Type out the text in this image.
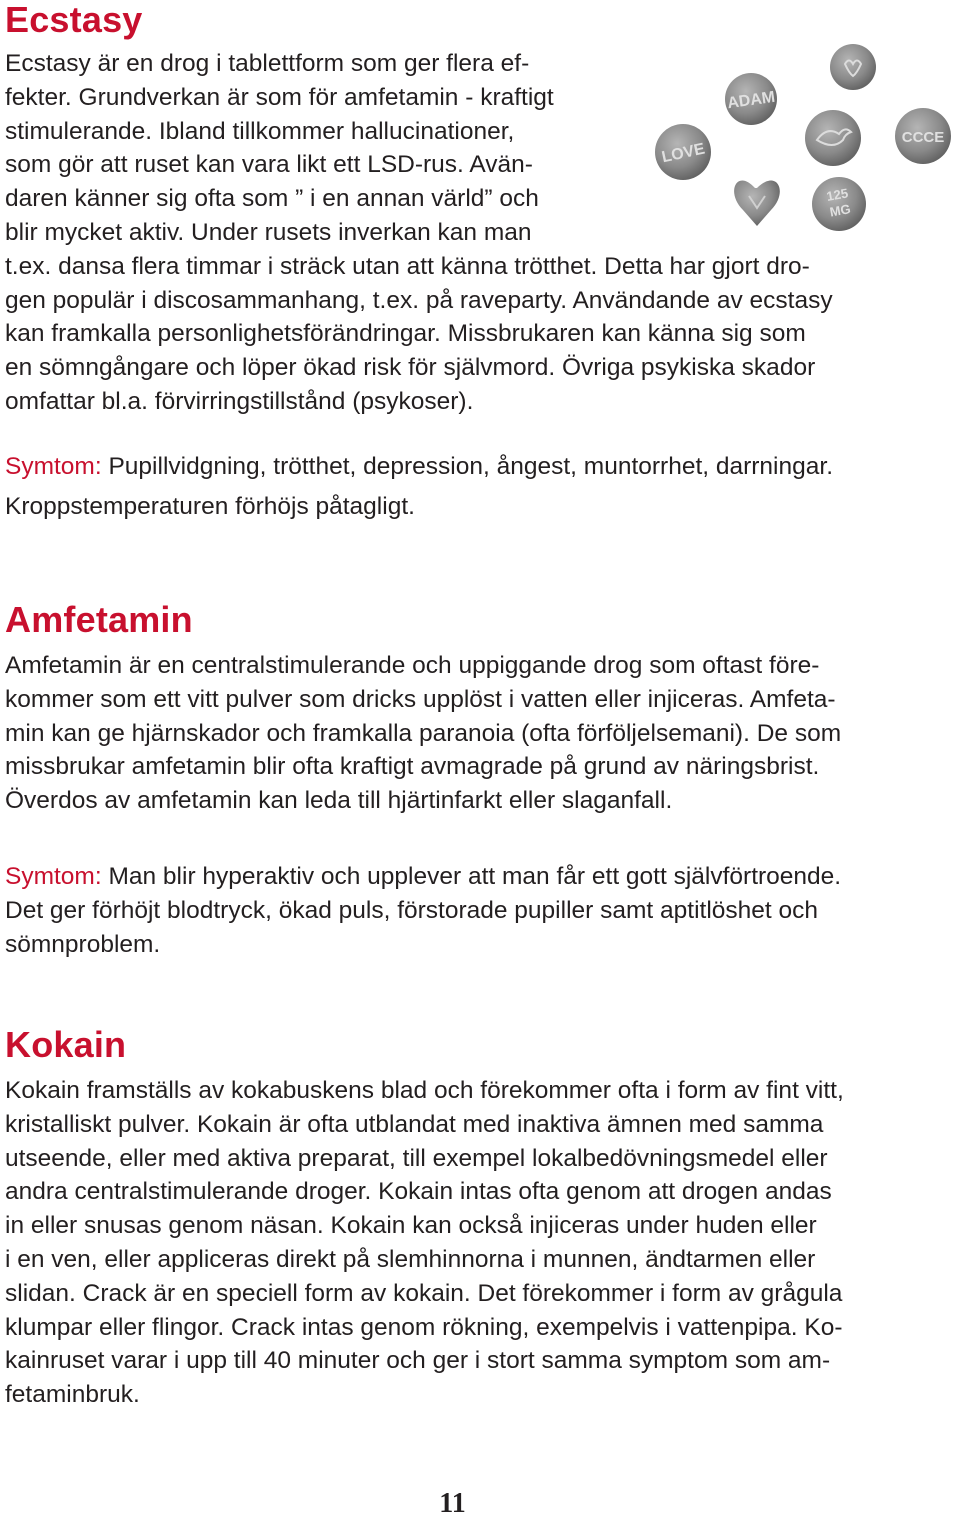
Ecstasy

Ecstasy är en drog i tablettform som ger flera ef-

fekter. Grundverkan är som för amfetamin - kraftigt

stimulerande. Ibland tillkommer hallucinationer,

som gör att ruset kan vara likt ett LSD-rus. Avän-

daren känner sig ofta som ” i en annan värld” och

blir mycket aktiv. Under rusets inverkan kan man

t.ex. dansa flera timmar i sträck utan att känna trötthet. Detta har gjort dro-

gen populär i discosammanhang, t.ex. på raveparty. Användande av ecstasy

kan framkalla personlighetsförändringar. Missbrukaren kan känna sig som

en sömngångare och löper ökad risk för självmord. Övriga psykiska skador

omfattar bl.a. förvirringstillstånd (psykoser).

Symtom: Pupillvidgning, trötthet, depression, ångest, muntorrhet, darrningar.

Kroppstemperaturen förhöjs påtagligt.

ADAM
LOVE
CCCE
125
MG
Amfetamin

Amfetamin är en centralstimulerande och uppiggande drog som oftast före-

kommer som ett vitt pulver som dricks upplöst i vatten eller injiceras. Amfeta-

min kan ge hjärnskador och framkalla paranoia (ofta förföljelsemani). De som

missbrukar amfetamin blir ofta kraftigt avmagrade på grund av näringsbrist.

Överdos av amfetamin kan leda till hjärtinfarkt eller slaganfall.

Symtom: Man blir hyperaktiv och upplever att man får ett gott självförtroende.

Det ger förhöjt blodtryck, ökad puls, förstorade pupiller samt aptitlöshet och

sömnproblem.

Kokain

Kokain framställs av kokabuskens blad och förekommer ofta i form av fint vitt,

kristalliskt pulver. Kokain är ofta utblandat med inaktiva ämnen med samma

utseende, eller med aktiva preparat, till exempel lokalbedövningsmedel eller

andra centralstimulerande droger. Kokain intas ofta genom att drogen andas

in eller snusas genom näsan. Kokain kan också injiceras under huden eller

i en ven, eller appliceras direkt på slemhinnorna i munnen, ändtarmen eller

slidan. Crack är en speciell form av kokain. Det förekommer i form av grågula

klumpar eller flingor. Crack intas genom rökning, exempelvis i vattenpipa. Ko-

kainruset varar i upp till 40 minuter och ger i stort samma symptom som am-

fetaminbruk.

11
